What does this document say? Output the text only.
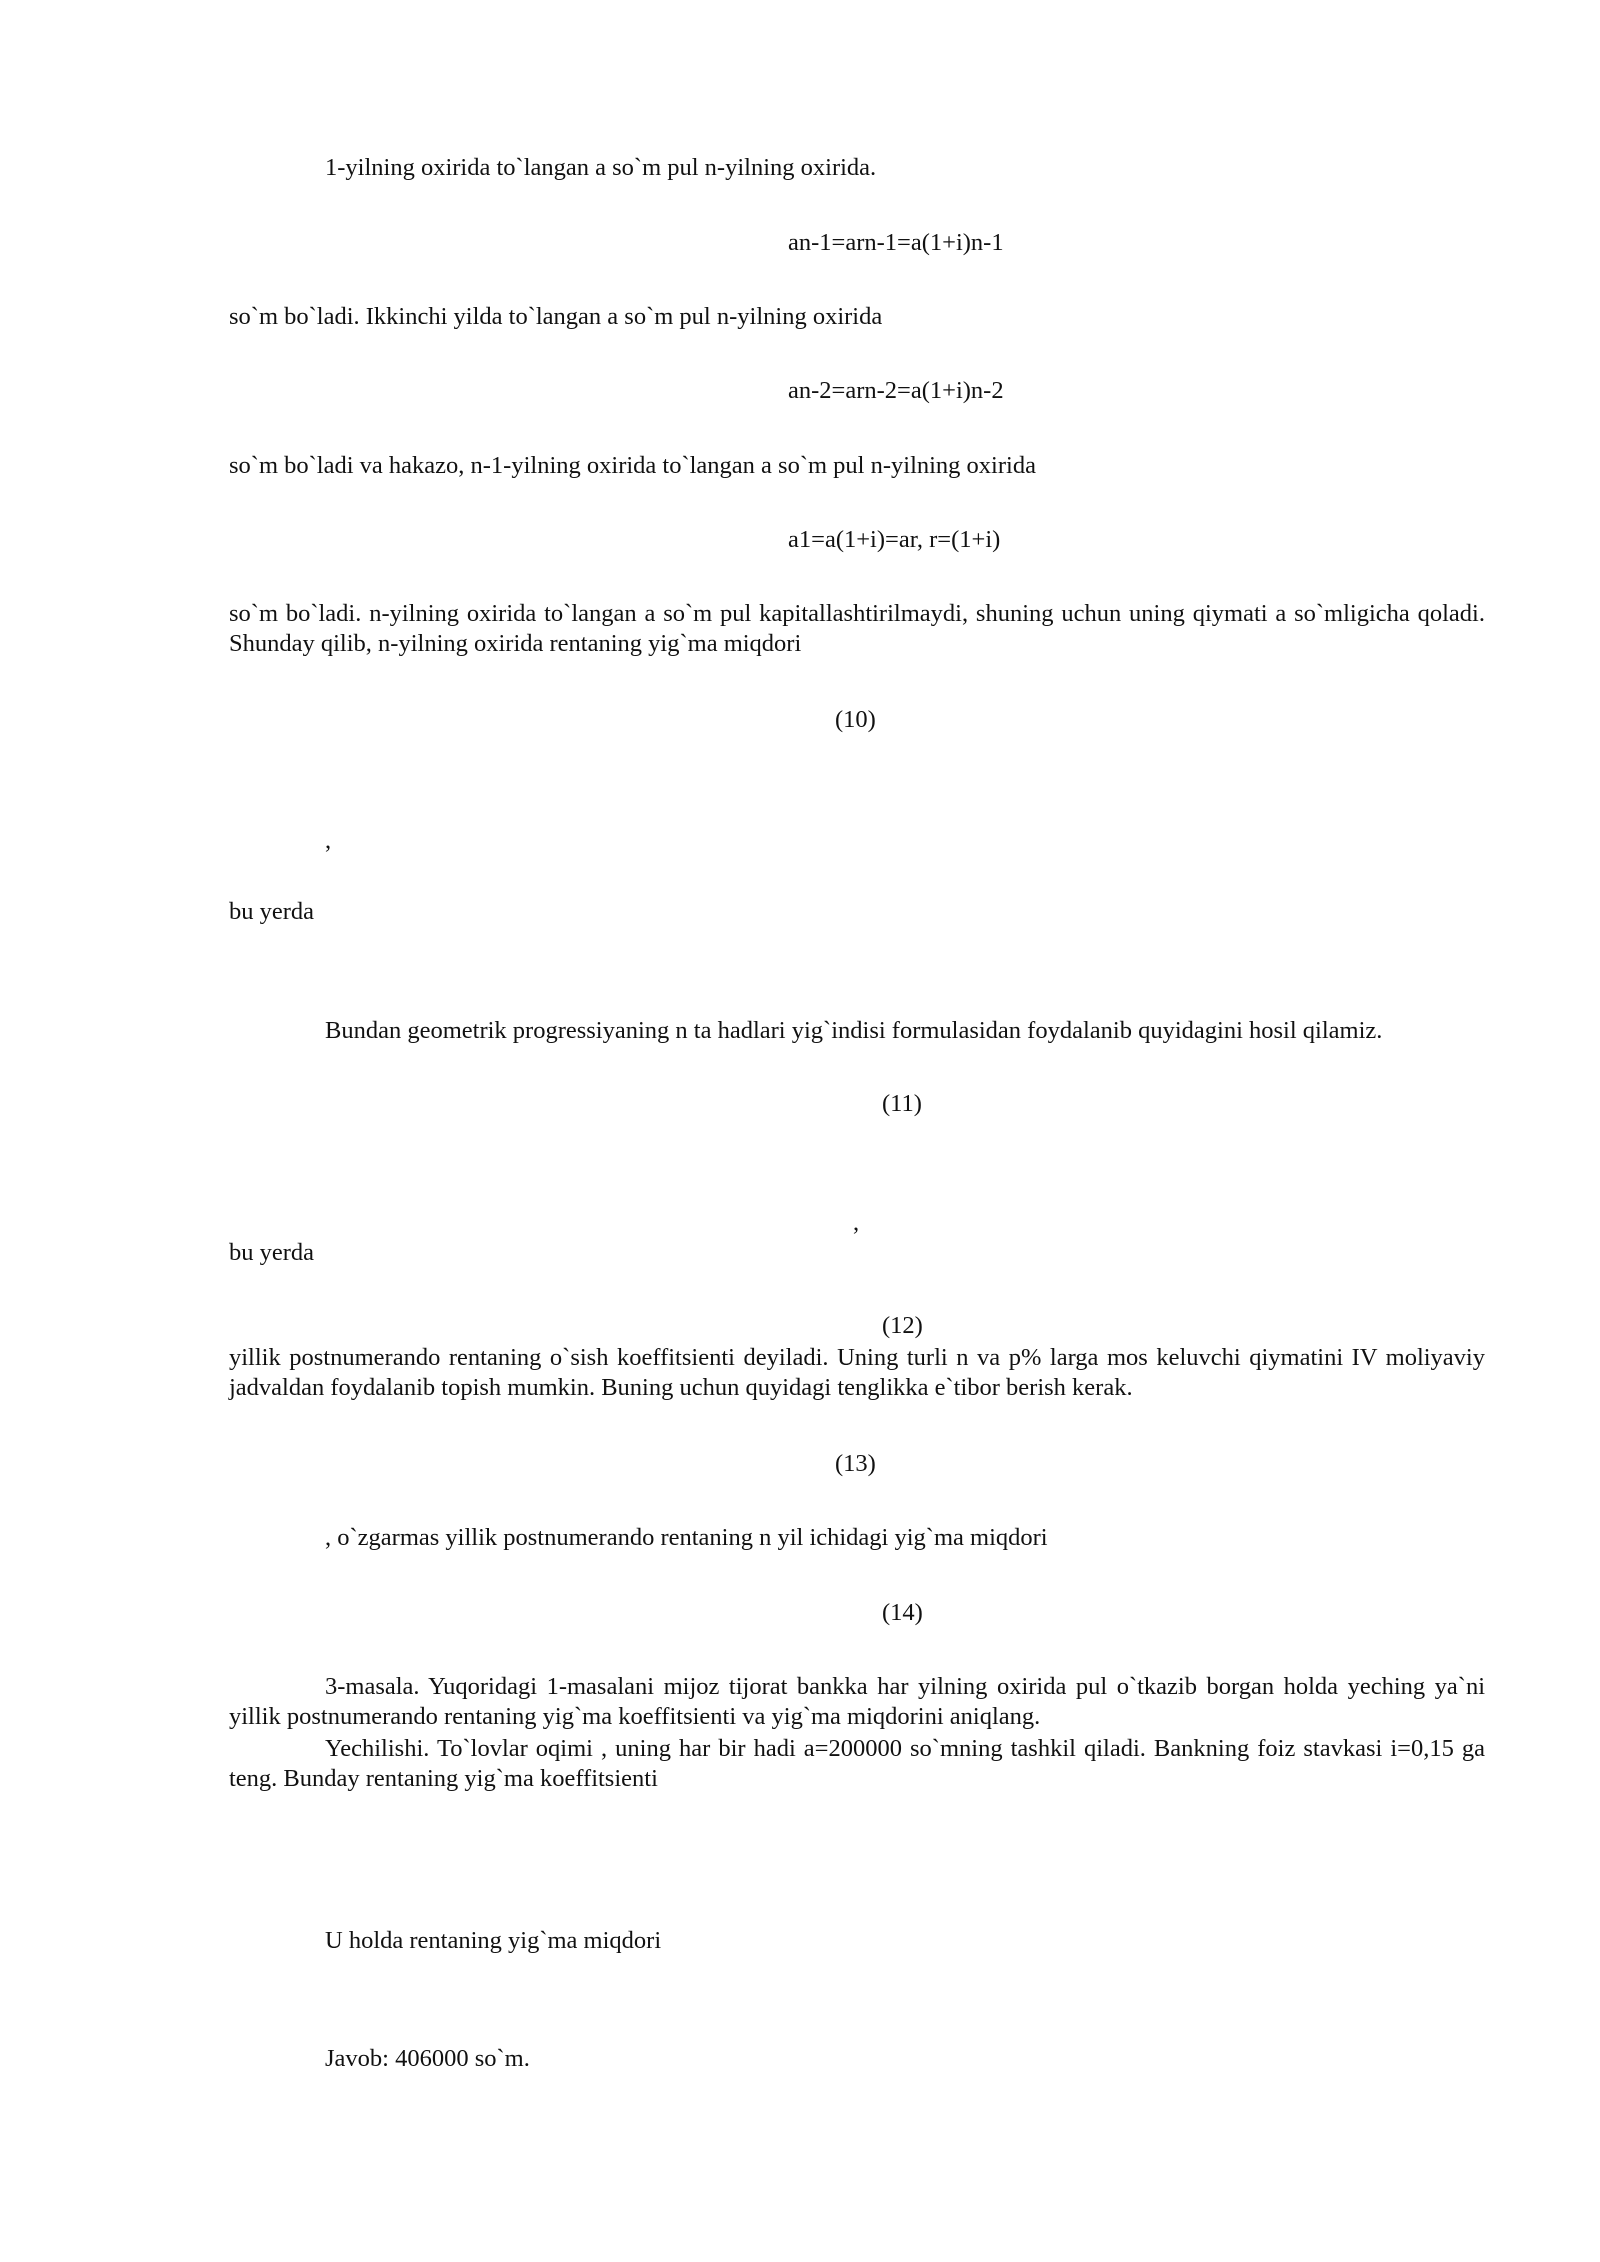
1-yilning oxirida to`langan a so`m pul n-yilning oxirida.
an-1=arn-1=a(1+i)n-1
so`m bo`ladi. Ikkinchi yilda to`langan a so`m pul n-yilning oxirida
an-2=arn-2=a(1+i)n-2
so`m bo`ladi va hakazo, n-1-yilning oxirida to`langan a so`m pul n-yilning oxirida
a1=a(1+i)=ar, r=(1+i)
so`m bo`ladi. n-yilning oxirida to`langan a so`m pul kapitallashtirilmaydi, shuning uchun uning qiymati a so`mligicha qoladi. Shunday qilib, n-yilning oxirida rentaning yig`ma miqdori
(10)
,
bu yerda
Bundan geometrik progressiyaning n ta hadlari yig`indisi formulasidan foydalanib quyidagini hosil qilamiz.
(11)
,
bu yerda
(12)
yillik postnumerando rentaning o`sish koeffitsienti deyiladi. Uning turli n va p% larga mos keluvchi qiymatini IV moliyaviy jadvaldan foydalanib topish mumkin. Buning uchun quyidagi tenglikka e`tibor berish kerak.
(13)
, o`zgarmas yillik postnumerando rentaning n yil ichidagi yig`ma miqdori
(14)
3-masala. Yuqoridagi 1-masalani mijoz tijorat bankka har yilning oxirida pul o`tkazib borgan holda yeching ya`ni yillik postnumerando rentaning yig`ma koeffitsienti va yig`ma miqdorini aniqlang.
Yechilishi. To`lovlar oqimi , uning har bir hadi a=200000 so`mning tashkil qiladi. Bankning foiz stavkasi i=0,15 ga teng. Bunday rentaning yig`ma koeffitsienti
U holda rentaning yig`ma miqdori
Javob: 406000 so`m.
